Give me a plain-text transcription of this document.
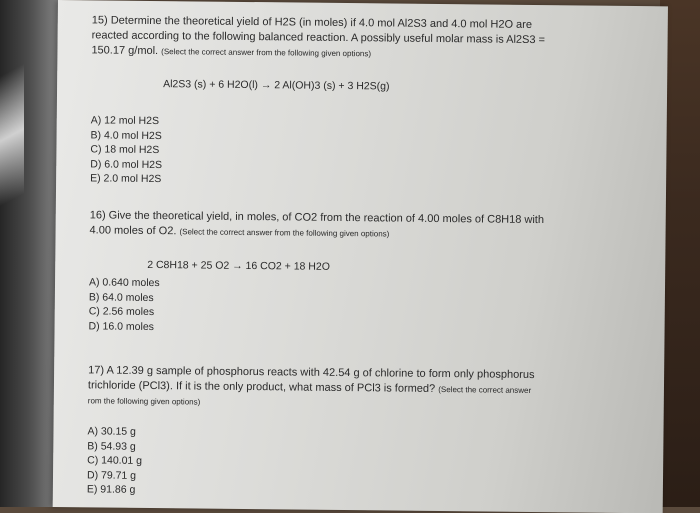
15) Determine the theoretical yield of H2S (in moles) if 4.0 mol Al2S3 and 4.0 mol H2O are
reacted according to the following balanced reaction. A possibly useful molar mass is Al2S3 =
150.17 g/mol. (Select the correct answer from the following given options)
Al2S3 (s) + 6 H2O(l) → 2 Al(OH)3 (s) + 3 H2S(g)
A) 12 mol H2S
B) 4.0 mol H2S
C) 18 mol H2S
D) 6.0 mol H2S
E) 2.0 mol H2S
16) Give the theoretical yield, in moles, of CO2 from the reaction of 4.00 moles of C8H18 with
4.00 moles of O2. (Select the correct answer from the following given options)
2 C8H18 + 25 O2 → 16 CO2 + 18 H2O
A) 0.640 moles
B) 64.0 moles
C) 2.56 moles
D) 16.0 moles
17) A 12.39 g sample of phosphorus reacts with 42.54 g of chlorine to form only phosphorus
trichloride (PCl3). If it is the only product, what mass of PCl3 is formed? (Select the correct answer
rom the following given options)
A) 30.15 g
B) 54.93 g
C) 140.01 g
D) 79.71 g
E) 91.86 g
